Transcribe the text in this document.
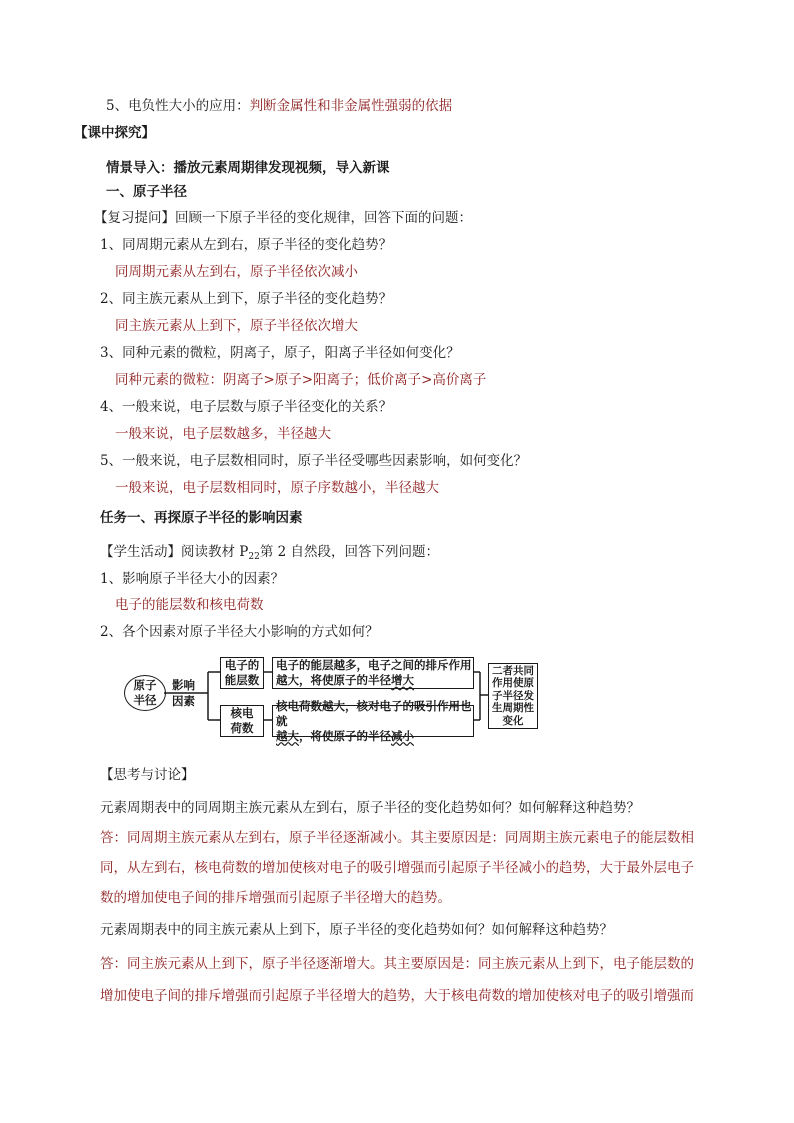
5、电负性大小的应用：判断金属性和非金属性强弱的依据
【课中探究】
情景导入：播放元素周期律发现视频，导入新课
一、原子半径
【复习提问】回顾一下原子半径的变化规律，回答下面的问题：
1、同周期元素从左到右，原子半径的变化趋势？
同周期元素从左到右，原子半径依次减小
2、同主族元素从上到下，原子半径的变化趋势？
同主族元素从上到下，原子半径依次增大
3、同种元素的微粒，阴离子，原子，阳离子半径如何变化？
同种元素的微粒：阴离子>原子>阳离子；低价离子>高价离子
4、一般来说，电子层数与原子半径变化的关系？
一般来说，电子层数越多，半径越大
5、一般来说，电子层数相同时，原子半径受哪些因素影响，如何变化？
一般来说，电子层数相同时，原子序数越小，半径越大
任务一、再探原子半径的影响因素
【学生活动】阅读教材 $P_{22}$第 2 自然段，回答下列问题：
1、影响原子半径大小的因素？
电子的能层数和核电荷数
2、各个因素对原子半径大小影响的方式如何？
原子
半径
影响
因素
电子的
能层数
核电
荷数
电子的能层越多，电子之间的排斥作用
越大，将使原子的半径增大
核电荷数越大，核对电子的吸引作用也就
越大，将使原子的半径减小
二者共同
作用使原
子半径发
生周期性
变化
【思考与讨论】
元素周期表中的同周期主族元素从左到右，原子半径的变化趋势如何？如何解释这种趋势？
答：同周期主族元素从左到右，原子半径逐渐减小。其主要原因是：同周期主族元素电子的能层数相
同，从左到右，核电荷数的增加使核对电子的吸引增强而引起原子半径减小的趋势，大于最外层电子
数的增加使电子间的排斥增强而引起原子半径增大的趋势。
元素周期表中的同主族元素从上到下，原子半径的变化趋势如何？如何解释这种趋势？
答：同主族元素从上到下，原子半径逐渐增大。其主要原因是：同主族元素从上到下，电子能层数的
增加使电子间的排斥增强而引起原子半径增大的趋势，大于核电荷数的增加使核对电子的吸引增强而
